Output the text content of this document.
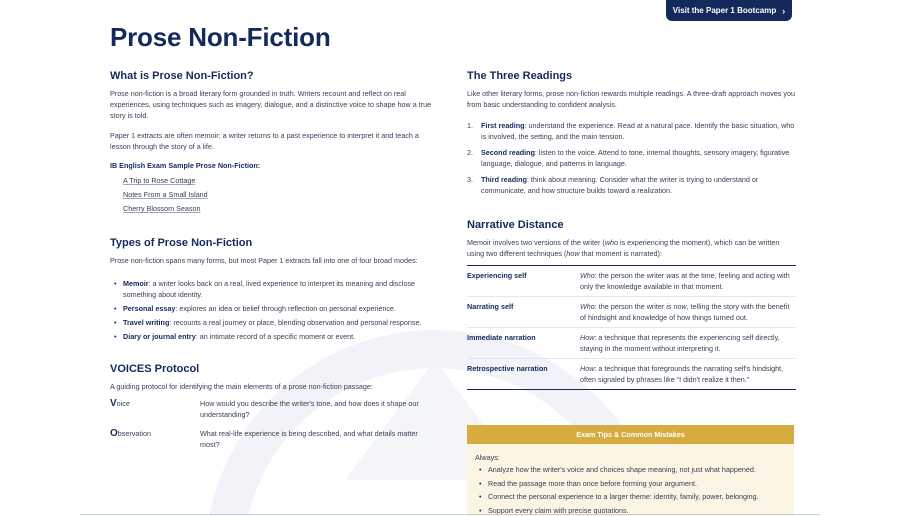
Visit the Paper 1 Bootcamp ›
Prose Non-Fiction
What is Prose Non-Fiction?

Prose non-fiction is a broad literary form grounded in truth. Writers recount and reflect on real experiences, using techniques such as imagery, dialogue, and a distinctive voice to shape how a true story is told.

Paper 1 extracts are often memoir: a writer returns to a past experience to interpret it and teach a lesson through the story of a life.

IB English Exam Sample Prose Non-Fiction:
A Trip to Rose Cottage
Notes From a Small Island
Cherry Blossom Season
Types of Prose Non-Fiction

Prose non-fiction spans many forms, but most Paper 1 extracts fall into one of four broad modes:

• Memoir: a writer looks back on a real, lived experience to interpret its meaning and disclose something about identity.
• Personal essay: explores an idea or belief through reflection on personal experience.
• Travel writing: recounts a real journey or place, blending observation and personal response.
• Diary or journal entry: an intimate record of a specific moment or event.
VOICES Protocol

A guiding protocol for identifying the main elements of a prose non-fiction passage:

Voice	How would you describe the writer's tone, and how does it shape our understanding?
Observation	What real-life experience is being described, and what details matter most?
The Three Readings

Like other literary forms, prose non-fiction rewards multiple readings. A three-draft approach moves you from basic understanding to confident analysis.

1. First reading: understand the experience. Read at a natural pace. Identify the basic situation, who is involved, the setting, and the main tension.
2. Second reading: listen to the voice. Attend to tone, internal thoughts, sensory imagery, figurative language, dialogue, and patterns in language.
3. Third reading: think about meaning. Consider what the writer is trying to understand or communicate, and how structure builds toward a realization.
Narrative Distance

Memoir involves two versions of the writer (who is experiencing the moment), which can be written using two different techniques (how that moment is narrated):

Experiencing self	Who: the person the writer was at the time, feeling and acting with only the knowledge available in that moment.
Narrating self	Who: the person the writer is now, telling the story with the benefit of hindsight and knowledge of how things turned out.
Immediate narration	How: a technique that represents the experiencing self directly, staying in the moment without interpreting it.
Retrospective narration	How: a technique that foregrounds the narrating self's hindsight, often signaled by phrases like “I didn't realize it then.”
Exam Tips & Common Mistakes
Always:
• Analyze how the writer's voice and choices shape meaning, not just what happened.
• Read the passage more than once before forming your argument.
• Connect the personal experience to a larger theme: identity, family, power, belonging.
• Support every claim with precise quotations.
